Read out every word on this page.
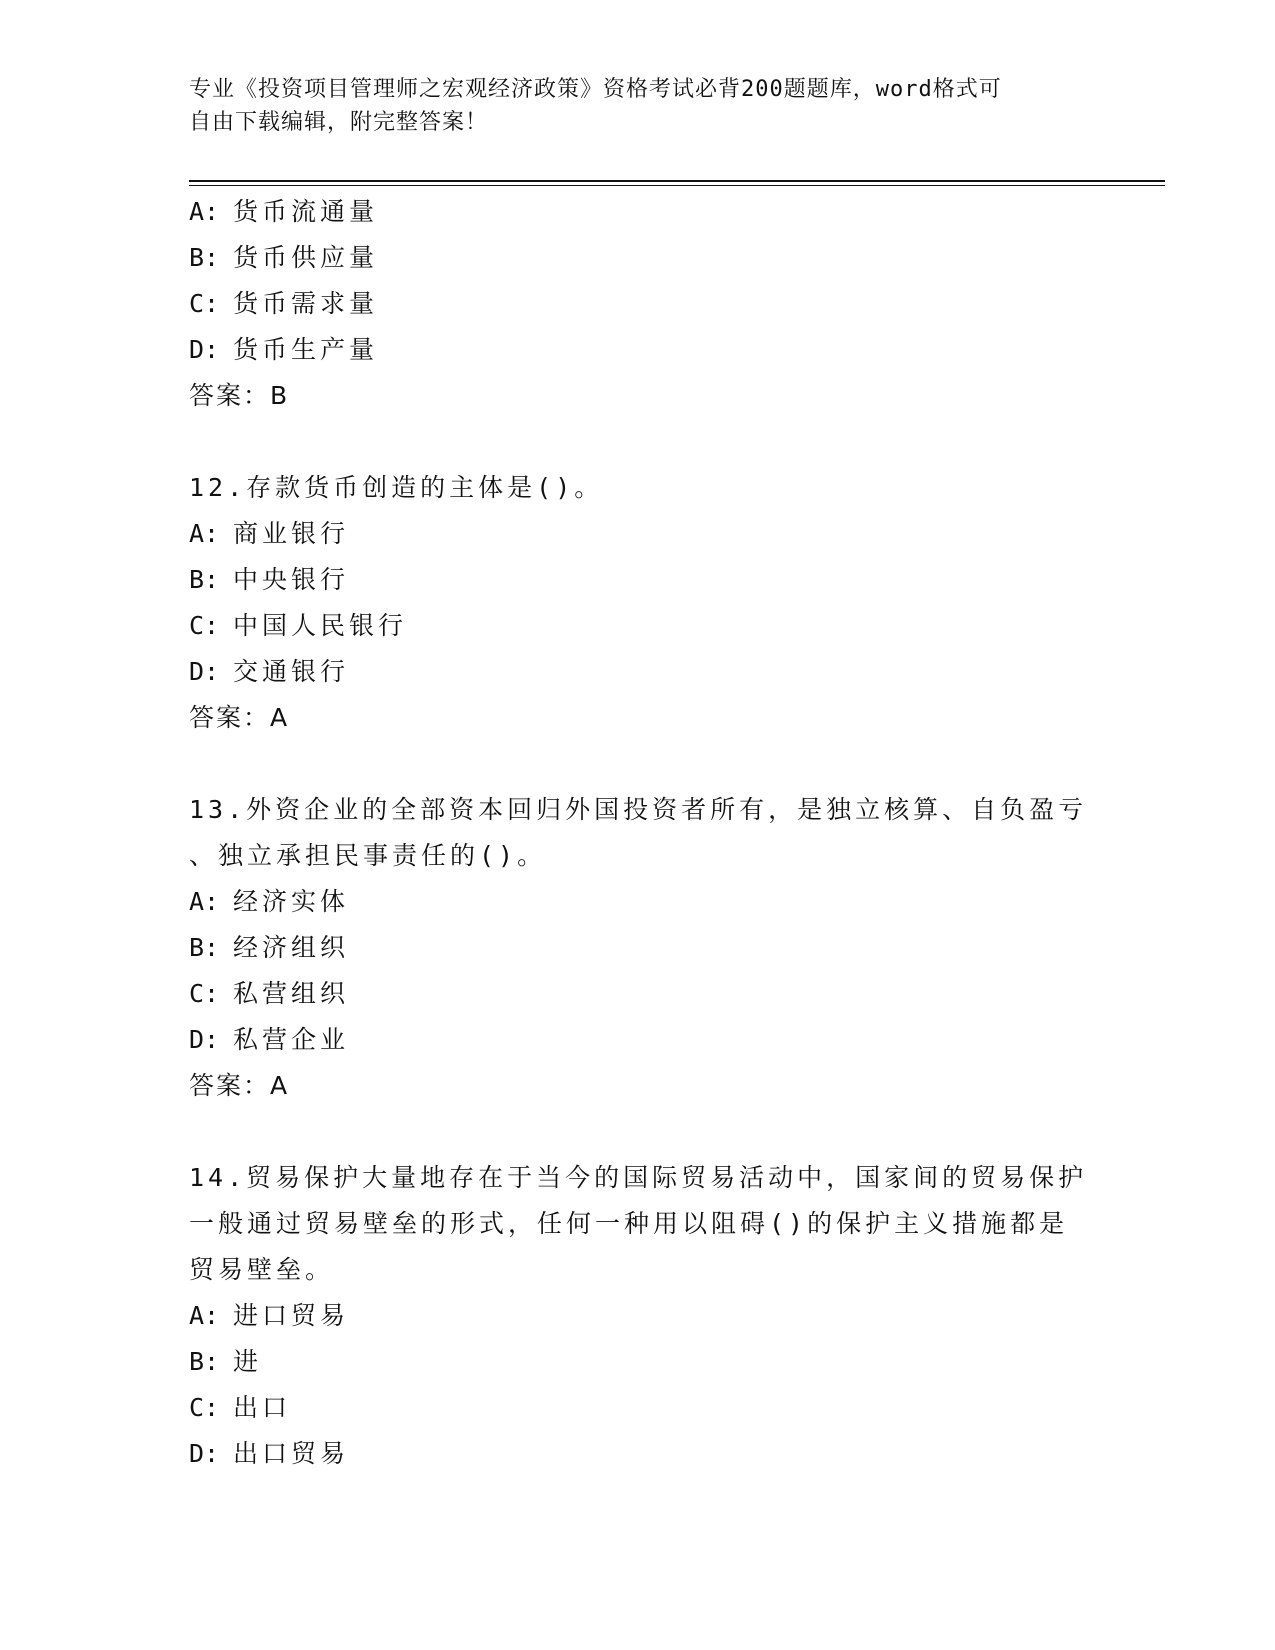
专业《投资项目管理师之宏观经济政策》资格考试必背200题题库，word格式可
自由下载编辑，附完整答案！
A: 货币流通量
B: 货币供应量
C: 货币需求量
D: 货币生产量
答案：B
12.存款货币创造的主体是()。
A: 商业银行
B: 中央银行
C: 中国人民银行
D: 交通银行
答案：A
13.外资企业的全部资本回归外国投资者所有，是独立核算、自负盈亏
、独立承担民事责任的()。
A: 经济实体
B: 经济组织
C: 私营组织
D: 私营企业
答案：A
14.贸易保护大量地存在于当今的国际贸易活动中，国家间的贸易保护
一般通过贸易壁垒的形式，任何一种用以阻碍()的保护主义措施都是
贸易壁垒。
A: 进口贸易
B: 进
C: 出口
D: 出口贸易
